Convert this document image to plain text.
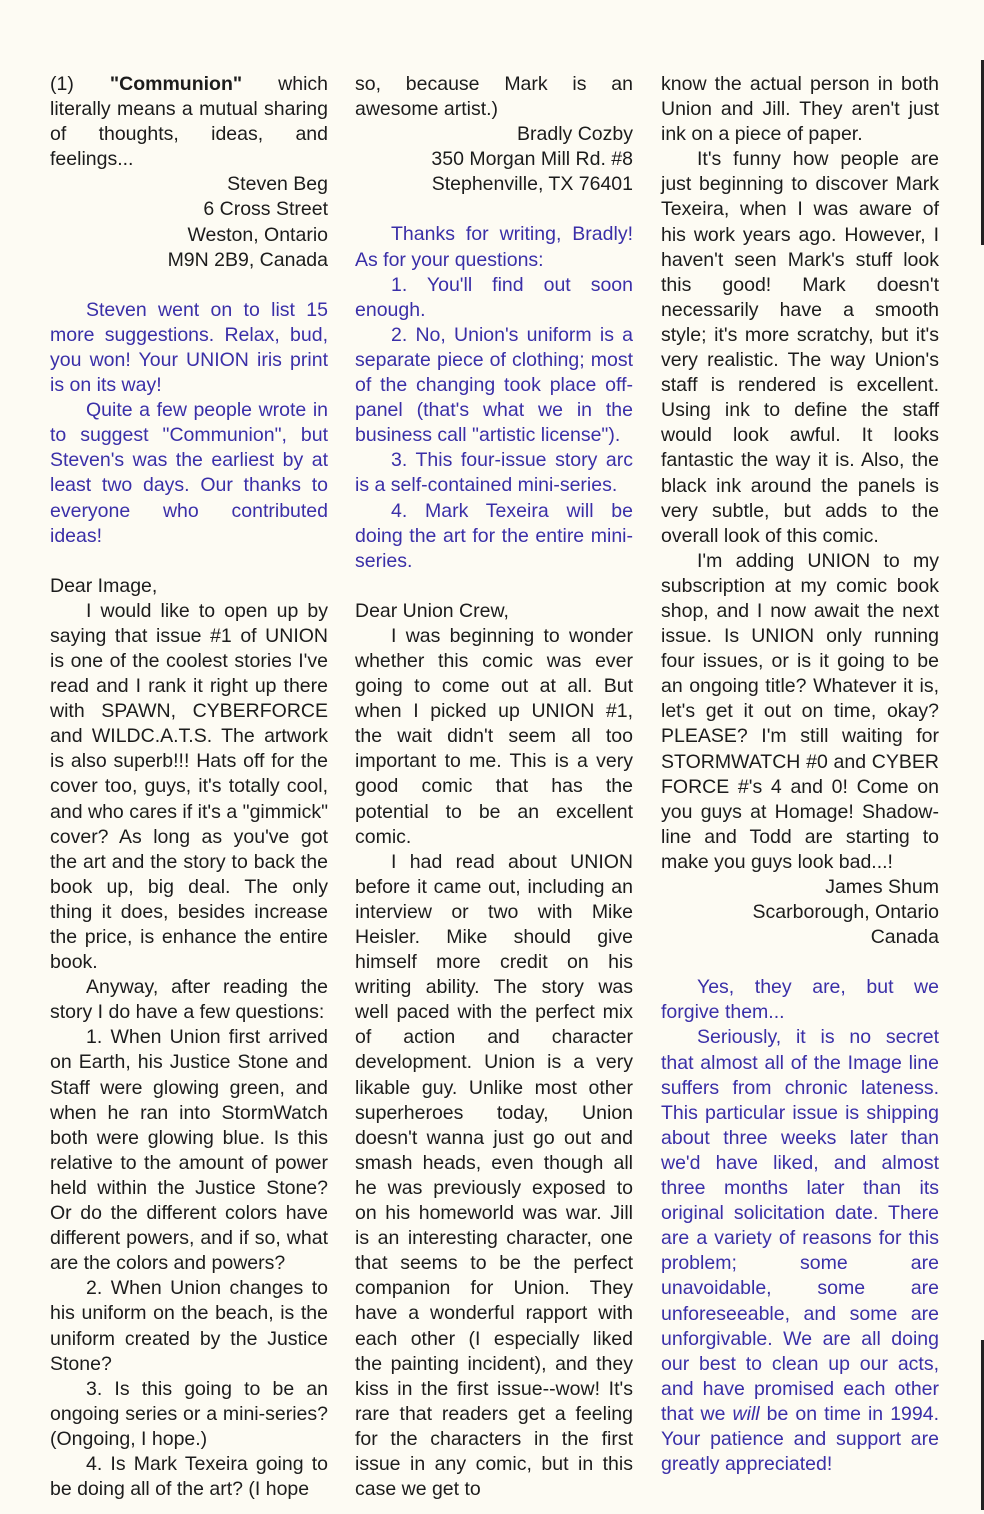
(1) "Communion" which literally means a mutual sharing of thoughts, ideas, and feelings...

Steven Beg

6 Cross Street

Weston, Ontario

M9N 2B9, Canada

Steven went on to list 15 more suggestions. Relax, bud, you won! Your UNION iris print is on its way!

Quite a few people wrote in to suggest "Communion", but Steven's was the earliest by at least two days. Our thanks to everyone who contributed ideas!

Dear Image,

I would like to open up by saying that issue #1 of UNION is one of the coolest stories I've read and I rank it right up there with SPAWN, CYBERFORCE and WILDC.A.T.S. The artwork is also superb!!! Hats off for the cover too, guys, it's totally cool, and who cares if it's a "gimmick" cover? As long as you've got the art and the story to back the book up, big deal. The only thing it does, besides increase the price, is enhance the entire book.

Anyway, after reading the story I do have a few questions:

1. When Union first arrived on Earth, his Justice Stone and Staff were glowing green, and when he ran into StormWatch both were glowing blue. Is this relative to the amount of power held within the Justice Stone? Or do the different colors have different powers, and if so, what are the colors and powers?

2. When Union changes to his uniform on the beach, is the uniform created by the Justice Stone?

3. Is this going to be an ongoing series or a mini-series? (Ongoing, I hope.)

4. Is Mark Texeira going to be doing all of the art? (I hope

so, because Mark is an awesome artist.)

Bradly Cozby

350 Morgan Mill Rd. #8

Stephenville, TX 76401

Thanks for writing, Bradly! As for your questions:

1. You'll find out soon enough.

2. No, Union's uniform is a separate piece of clothing; most of the changing took place off-panel (that's what we in the business call "artistic license").

3. This four-issue story arc is a self-contained mini-series.

4. Mark Texeira will be doing the art for the entire mini-series.

Dear Union Crew,

I was beginning to wonder whether this comic was ever going to come out at all. But when I picked up UNION #1, the wait didn't seem all too important to me. This is a very good comic that has the potential to be an excellent comic.

I had read about UNION before it came out, including an interview or two with Mike Heisler. Mike should give himself more credit on his writing ability. The story was well paced with the perfect mix of action and character development. Union is a very likable guy. Unlike most other superheroes today, Union doesn't wanna just go out and smash heads, even though all he was previously exposed to on his homeworld was war. Jill is an interesting character, one that seems to be the perfect companion for Union. They have a wonderful rapport with each other (I especially liked the painting incident), and they kiss in the first issue--wow! It's rare that readers get a feeling for the characters in the first issue in any comic, but in this case we get to

know the actual person in both Union and Jill. They aren't just ink on a piece of paper.

It's funny how people are just beginning to discover Mark Texeira, when I was aware of his work years ago. However, I haven't seen Mark's stuff look this good! Mark doesn't necessarily have a smooth style; it's more scratchy, but it's very realistic. The way Union's staff is rendered is excellent. Using ink to define the staff would look awful. It looks fantastic the way it is. Also, the black ink around the panels is very subtle, but adds to the overall look of this comic.

I'm adding UNION to my subscription at my comic book shop, and I now await the next issue. Is UNION only running four issues, or is it going to be an ongoing title? Whatever it is, let's get it out on time, okay? PLEASE? I'm still waiting for STORMWATCH #0 and CYBER FORCE #'s 4 and 0! Come on you guys at Homage! Shadow-line and Todd are starting to make you guys look bad...!

James Shum

Scarborough, Ontario

Canada

Yes, they are, but we forgive them...

Seriously, it is no secret that almost all of the Image line suffers from chronic lateness. This particular issue is shipping about three weeks later than we'd have liked, and almost three months later than its original solicitation date. There are a variety of reasons for this problem; some are unavoidable, some are unforeseeable, and some are unforgivable. We are all doing our best to clean up our acts, and have promised each other that we will be on time in 1994. Your patience and support are greatly appreciated!
